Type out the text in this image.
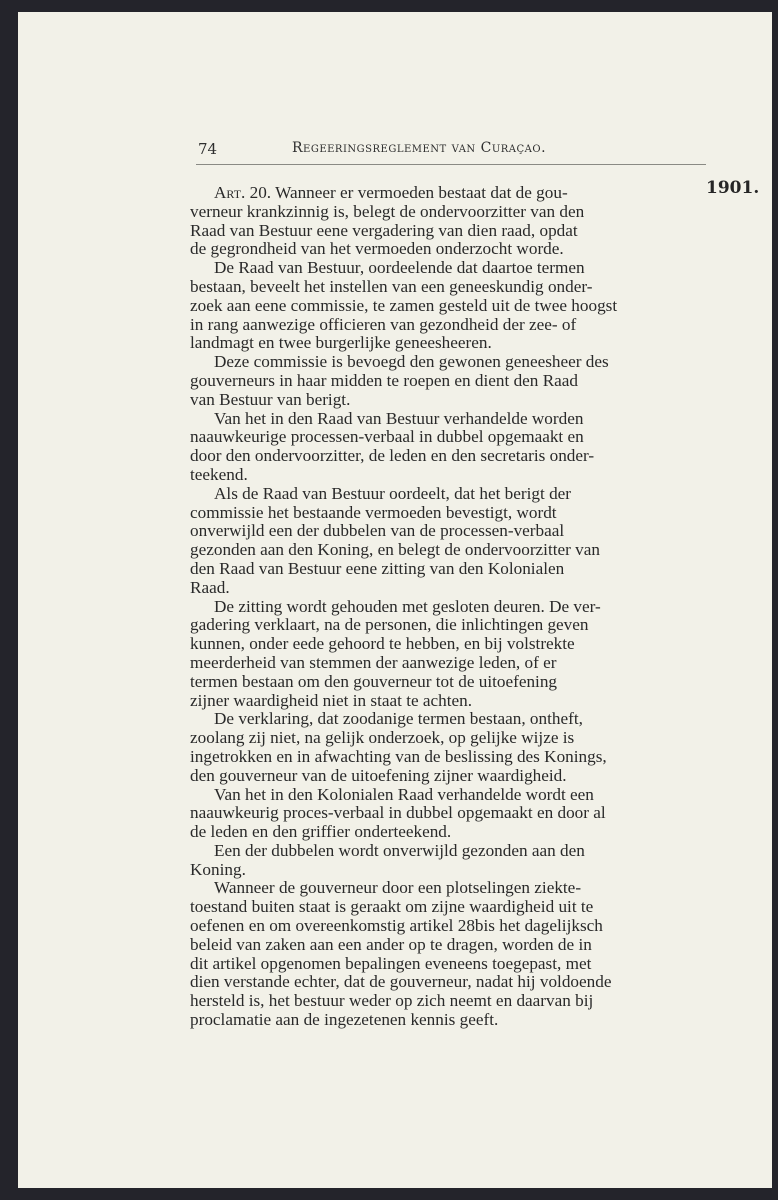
74	Regeeringsreglement van Curaçao.
1901.

Art. 20. Wanneer er vermoeden bestaat dat de gou-
verneur krankzinnig is, belegt de ondervoorzitter van den
Raad van Bestuur eene vergadering van dien raad, opdat
de gegrondheid van het vermoeden onderzocht worde.

De Raad van Bestuur, oordeelende dat daartoe termen
bestaan, beveelt het instellen van een geneeskundig onder-
zoek aan eene commissie, te zamen gesteld uit de twee hoogst
in rang aanwezige officieren van gezondheid der zee- of
landmagt en twee burgerlijke geneesheeren.

Deze commissie is bevoegd den gewonen geneesheer des
gouverneurs in haar midden te roepen en dient den Raad
van Bestuur van berigt.

Van het in den Raad van Bestuur verhandelde worden
naauwkeurige processen-verbaal in dubbel opgemaakt en
door den ondervoorzitter, de leden en den secretaris onder-
teekend.

Als de Raad van Bestuur oordeelt, dat het berigt der
commissie het bestaande vermoeden bevestigt, wordt
onverwijld een der dubbelen van de processen-verbaal
gezonden aan den Koning, en belegt de ondervoorzitter van
den Raad van Bestuur eene zitting van den Kolonialen
Raad.

De zitting wordt gehouden met gesloten deuren. De ver-
gadering verklaart, na de personen, die inlichtingen geven
kunnen, onder eede gehoord te hebben, en bij volstrekte
meerderheid van stemmen der aanwezige leden, of er
termen bestaan om den gouverneur tot de uitoefening
zijner waardigheid niet in staat te achten.

De verklaring, dat zoodanige termen bestaan, ontheft,
zoolang zij niet, na gelijk onderzoek, op gelijke wijze is
ingetrokken en in afwachting van de beslissing des Konings,
den gouverneur van de uitoefening zijner waardigheid.

Van het in den Kolonialen Raad verhandelde wordt een
naauwkeurig proces-verbaal in dubbel opgemaakt en door al
de leden en den griffier onderteekend.

Een der dubbelen wordt onverwijld gezonden aan den
Koning.

Wanneer de gouverneur door een plotselingen ziekte-
toestand buiten staat is geraakt om zijne waardigheid uit te
oefenen en om overeenkomstig artikel 28bis het dagelijksch
beleid van zaken aan een ander op te dragen, worden de in
dit artikel opgenomen bepalingen eveneens toegepast, met
dien verstande echter, dat de gouverneur, nadat hij voldoende
hersteld is, het bestuur weder op zich neemt en daarvan bij
proclamatie aan de ingezetenen kennis geeft.
